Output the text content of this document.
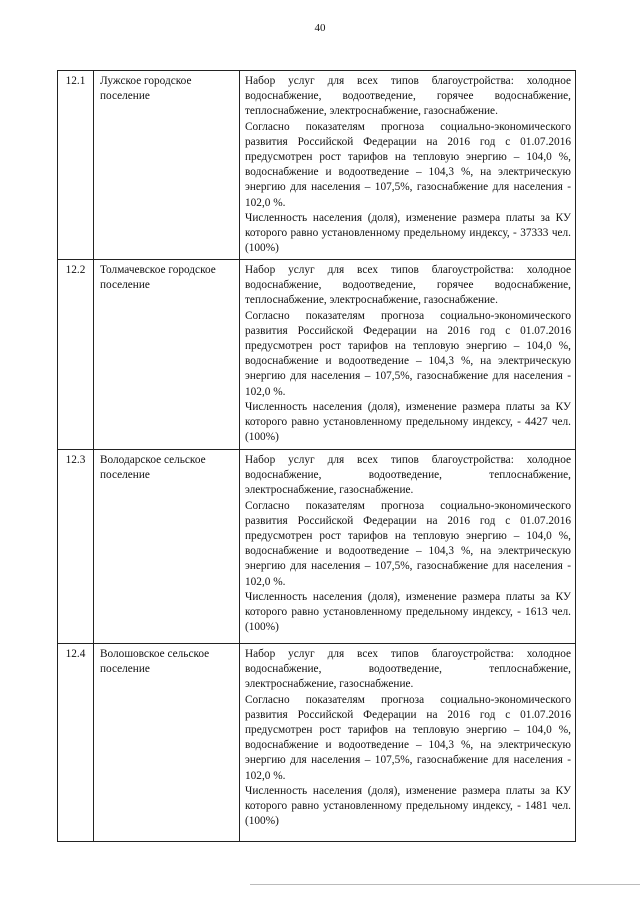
40
12.1	Лужское городское поселение	Набор услуг для всех типов благоустройства: холодное водоснабжение, водоотведение, горячее водоснабжение, теплоснабжение, электроснабжение, газоснабжение.

Согласно показателям прогноза социально-экономического развития Российской Федерации на 2016 год с 01.07.2016 предусмотрен рост тарифов на тепловую энергию – 104,0 %, водоснабжение и водоотведение – 104,3 %, на электрическую энергию для населения – 107,5%, газоснабжение для населения - 102,0 %.

Численность населения (доля), изменение размера платы за КУ которого равно установленному предельному индексу, - 37333 чел. (100%)

12.2	Толмачевское городское поселение	Набор услуг для всех типов благоустройства: холодное водоснабжение, водоотведение, горячее водоснабжение, теплоснабжение, электроснабжение, газоснабжение.

Согласно показателям прогноза социально-экономического развития Российской Федерации на 2016 год с 01.07.2016 предусмотрен рост тарифов на тепловую энергию – 104,0 %, водоснабжение и водоотведение – 104,3 %, на электрическую энергию для населения – 107,5%, газоснабжение для населения - 102,0 %.

Численность населения (доля), изменение размера платы за КУ которого равно установленному предельному индексу, - 4427 чел. (100%)

12.3	Володарское сельское поселение	Набор услуг для всех типов благоустройства: холодное водоснабжение, водоотведение, теплоснабжение, электроснабжение, газоснабжение.

Согласно показателям прогноза социально-экономического развития Российской Федерации на 2016 год с 01.07.2016 предусмотрен рост тарифов на тепловую энергию – 104,0 %, водоснабжение и водоотведение – 104,3 %, на электрическую энергию для населения – 107,5%, газоснабжение для населения - 102,0 %.

Численность населения (доля), изменение размера платы за КУ которого равно установленному предельному индексу, - 1613 чел. (100%)

12.4	Волошовское сельское поселение	Набор услуг для всех типов благоустройства: холодное водоснабжение, водоотведение, теплоснабжение, электроснабжение, газоснабжение.

Согласно показателям прогноза социально-экономического развития Российской Федерации на 2016 год с 01.07.2016 предусмотрен рост тарифов на тепловую энергию – 104,0 %, водоснабжение и водоотведение – 104,3 %, на электрическую энергию для населения – 107,5%, газоснабжение для населения - 102,0 %.

Численность населения (доля), изменение размера платы за КУ которого равно установленному предельному индексу, - 1481 чел. (100%)
